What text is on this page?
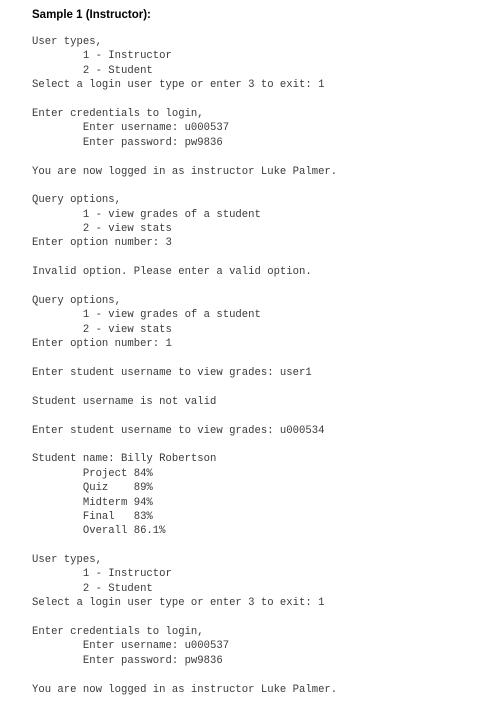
Sample 1 (Instructor):
User types,
1 - Instructor
2 - Student
Select a login user type or enter 3 to exit: 1
Enter credentials to login,
Enter username: u000537
Enter password: pw9836
You are now logged in as instructor Luke Palmer.
Query options,
1 - view grades of a student
2 - view stats
Enter option number: 3
Invalid option. Please enter a valid option.
Query options,
1 - view grades of a student
2 - view stats
Enter option number: 1
Enter student username to view grades: user1
Student username is not valid
Enter student username to view grades: u000534
Student name: Billy Robertson
Project 84%
Quiz    89%
Midterm 94%
Final   83%
Overall 86.1%
User types,
1 - Instructor
2 - Student
Select a login user type or enter 3 to exit: 1
Enter credentials to login,
Enter username: u000537
Enter password: pw9836
You are now logged in as instructor Luke Palmer.
